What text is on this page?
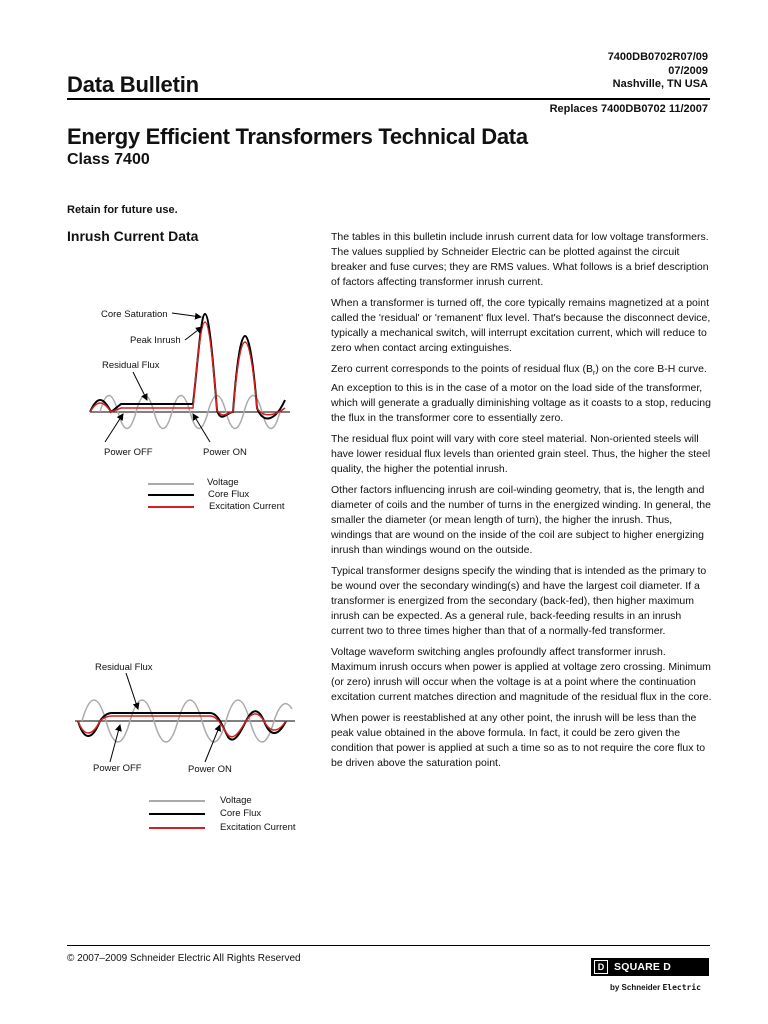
7400DB0702R07/09
07/2009
Nashville, TN USA
Data Bulletin
Replaces 7400DB0702 11/2007
Energy Efficient Transformers Technical Data
Class 7400
Retain for future use.
Inrush Current Data	The tables in this bulletin include inrush current data for low voltage transformers. The values supplied by Schneider Electric can be plotted against the circuit breaker and fuse curves; they are RMS values. What follows is a brief description of factors affecting transformer inrush current.

When a transformer is turned off, the core typically remains magnetized at a point called the 'residual' or 'remanent' flux level. That's because the disconnect device, typically a mechanical switch, will interrupt excitation current, which will reduce to zero when contact arcing extinguishes.

Zero current corresponds to the points of residual flux $(B_r)$ on the core B-H curve. An exception to this is in the case of a motor on the load side of the transformer, which will generate a gradually diminishing voltage as it coasts to a stop, reducing the flux in the transformer core to essentially zero.

The residual flux point will vary with core steel material. Non-oriented steels will have lower residual flux levels than oriented grain steel. Thus, the higher the steel quality, the higher the potential inrush.

Other factors influencing inrush are coil-winding geometry, that is, the length and diameter of coils and the number of turns in the energized winding. In general, the smaller the diameter (or mean length of turn), the higher the inrush. Thus, windings that are wound on the inside of the coil are subject to higher energizing inrush than windings wound on the outside.

Typical transformer designs specify the winding that is intended as the primary to be wound over the secondary winding(s) and have the largest coil diameter. If a transformer is energized from the secondary (back-fed), then higher maximum inrush can be expected. As a general rule, back-feeding results in an inrush current two to three times higher than that of a normally-fed transformer.

Voltage waveform switching angles profoundly affect transformer inrush. Maximum inrush occurs when power is applied at voltage zero crossing. Minimum (or zero) inrush will occur when the voltage is at a point where the continuation excitation current matches direction and magnitude of the residual flux in the core.

When power is reestablished at any other point, the inrush will be less than the peak value obtained in the above formula. In fact, it could be zero given the condition that power is applied at such a time so as to not require the core flux to be driven above the saturation point.

Core Saturation
Peak Inrush
Residual Flux
Power OFF	Power ON
Voltage
Core Flux
Excitation Current
Residual Flux
Power OFF	Power ON
Voltage
Core Flux
Excitation Current
© 2007–2009 Schneider Electric All Rights Reserved
D SQUARE D
by Schneider Electric
